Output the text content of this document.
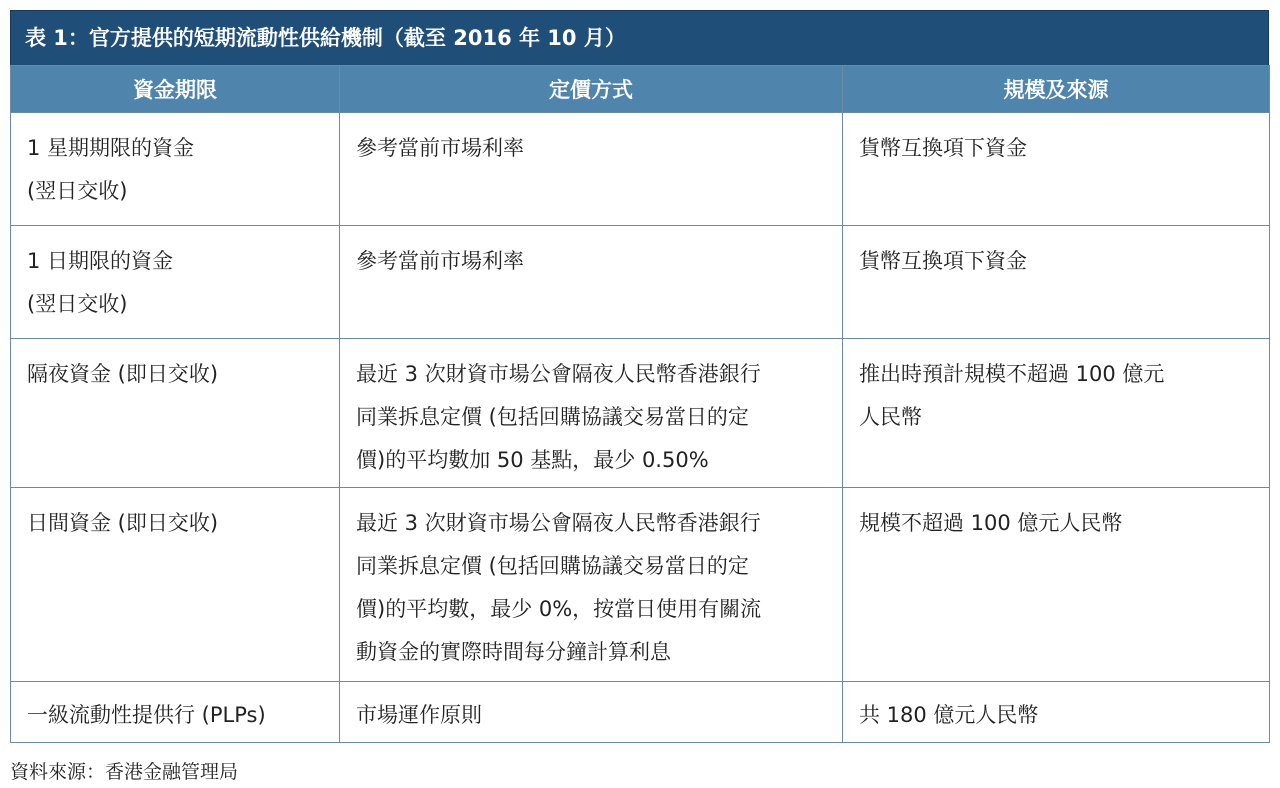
表 1：官方提供的短期流動性供給機制（截至 2016 年 10 月）
資金期限	定價方式	規模及來源

1 星期期限的資金
(翌日交收)	參考當前市場利率	貨幣互換項下資金

1 日期限的資金
(翌日交收)	參考當前市場利率	貨幣互換項下資金

隔夜資金 (即日交收)	最近 3 次財資市場公會隔夜人民幣香港銀行
同業拆息定價 (包括回購協議交易當日的定
價)的平均數加 50 基點，最少 0.50%	推出時預計規模不超過 100 億元
人民幣

日間資金 (即日交收)	最近 3 次財資市場公會隔夜人民幣香港銀行
同業拆息定價 (包括回購協議交易當日的定
價)的平均數，最少 0%，按當日使用有關流
動資金的實際時間每分鐘計算利息	規模不超過 100 億元人民幣

一級流動性提供行 (PLPs)	市場運作原則	共 180 億元人民幣
資料來源：香港金融管理局
